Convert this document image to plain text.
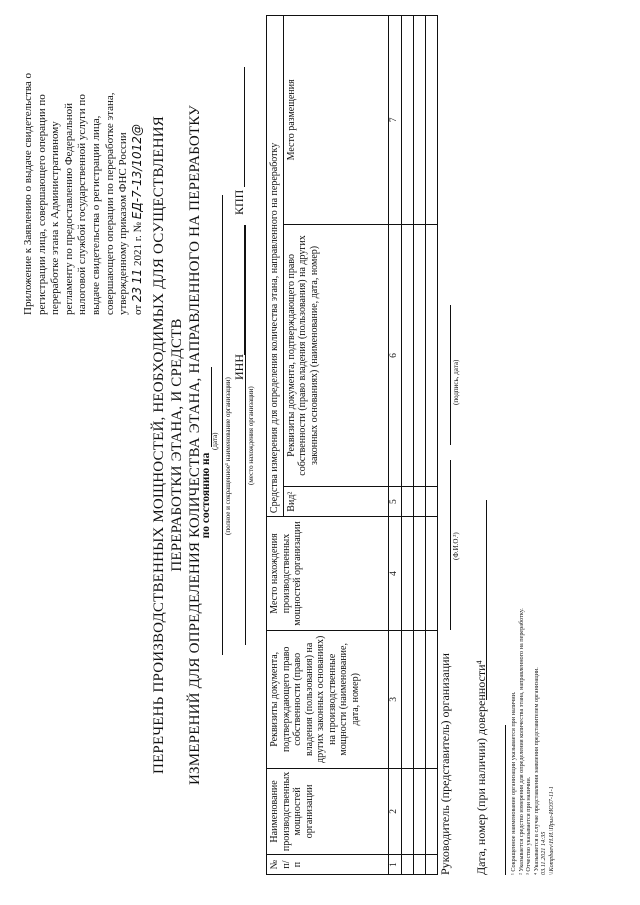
Приложение к Заявлению о выдаче свидетельства о регистрации лица, совершающего операции по переработке этана к Административному регламенту по предоставлению Федеральной налоговой службой государственной услуги по выдаче свидетельства о регистрации лица, совершающего операции по переработке этана, утвержденному приказом ФНС России от 23 11 2021 г. № ЕД-7-13/1012@ ПЕРЕЧЕНЬ ПРОИЗВОДСТВЕННЫХ МОЩНОСТЕЙ, НЕОБХОДИМЫХ ДЛЯ ОСУЩЕСТВЛЕНИЯ ПЕРЕРАБОТКИ ЭТАНА, И СРЕДСТВ ИЗМЕРЕНИЙ ДЛЯ ОПРЕДЕЛЕНИЯ КОЛИЧЕСТВА ЭТАНА, НАПРАВЛЕННОГО НА ПЕРЕРАБОТКУ
по состоянию на
(дата) (полное и сокращенное¹ наименование организации) (место нахождения организации)
ИНН
КПП
№ п/п	Наименование производственных мощностей организации	Реквизиты документа, подтверждающего право собственности (право владения (пользования) на других законных основаниях) на производственные мощности (наименование, дата, номер)	Место нахождения производственных мощностей организации	Средства измерения для определения количества этана, направленного на переработку		
				Вид²	Реквизиты документа, подтверждающего право собственности (право владения (пользования) на других законных основаниях) (наименование, дата, номер)	Место размещения
1	2	3	4	5	6	7

Руководитель (представитель) организации
(Ф.И.О.³)
(подпись, дата)
Дата, номер (при наличии) доверенности⁴	¹ Сокращенное наименование организации указывается при наличии. ² Указывается средство измерения для определения количества этана, направленного на переработку. ³ Отчество указывается при наличии. ⁴ Указывается в случае представления заявления представителем организации. 03.11.2021 14:35 \\Kompbaev\Н.И.\Прил-ИОЗ7-11-1
